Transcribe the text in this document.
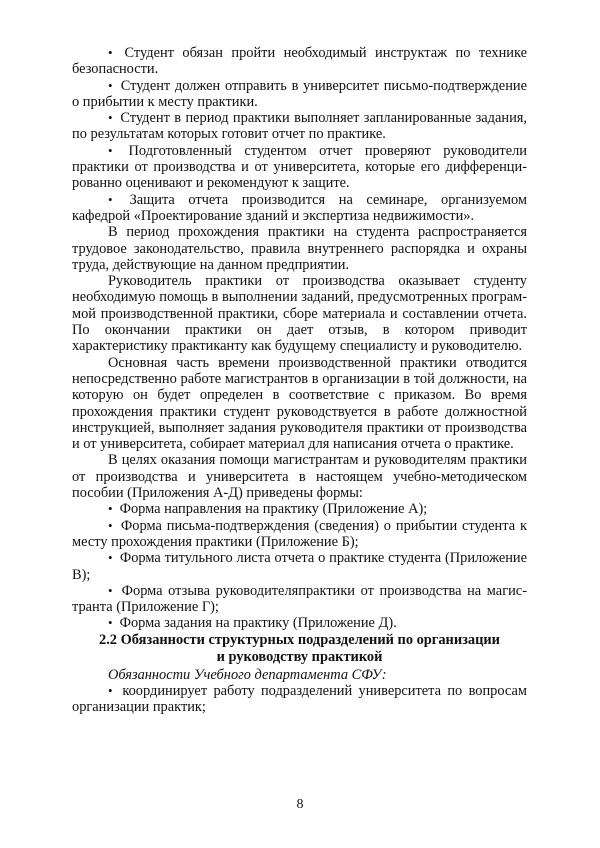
• Студент обязан пройти необходимый инструктаж по технике безопасности.

• Студент должен отправить в университет письмо-подтверждение о прибытии к месту практики.

• Студент в период практики выполняет запланированные задания, по результатам которых готовит отчет по практике.

• Подготовленный студентом отчет проверяют руководители практики от производства и от университета, которые его дифференцированно оценивают и рекомендуют к защите.

• Защита отчета производится на семинаре, организуемом кафедрой «Проектирование зданий и экспертиза недвижимости».

В период прохождения практики на студента распространяется трудовое законодательство, правила внутреннего распорядка и охраны труда, действующие на данном предприятии.

Руководитель практики от производства оказывает студенту необходимую помощь в выполнении заданий, предусмотренных программой производственной практики, сборе материала и составлении отчета. По окончании практики он дает отзыв, в котором приводит характеристику практиканту как будущему специалисту и руководителю.

Основная часть времени производственной практики отводится непосредственно работе магистрантов в организации в той должности, на которую он будет определен в соответствие с приказом. Во время прохождения практики студент руководствуется в работе должностной инструкцией, выполняет задания руководителя практики от производства и от университета, собирает материал для написания отчета о практике.

В целях оказания помощи магистрантам и руководителям практики от производства и университета в настоящем учебно-методическом пособии (Приложения А-Д) приведены формы:

• Форма направления на практику (Приложение А);

• Форма письма-подтверждения (сведения) о прибытии студента к месту прохождения практики (Приложение Б);

• Форма титульного листа отчета о практике студента (Приложение В);

• Форма отзыва руководителяпрактики от производства на магистранта (Приложение Г);

• Форма задания на практику (Приложение Д).

2.2 Обязанности структурных подразделений по организации
и руководству практикой

Обязанности Учебного департамента СФУ:

• координирует работу подразделений университета по вопросам организации практик;

8
